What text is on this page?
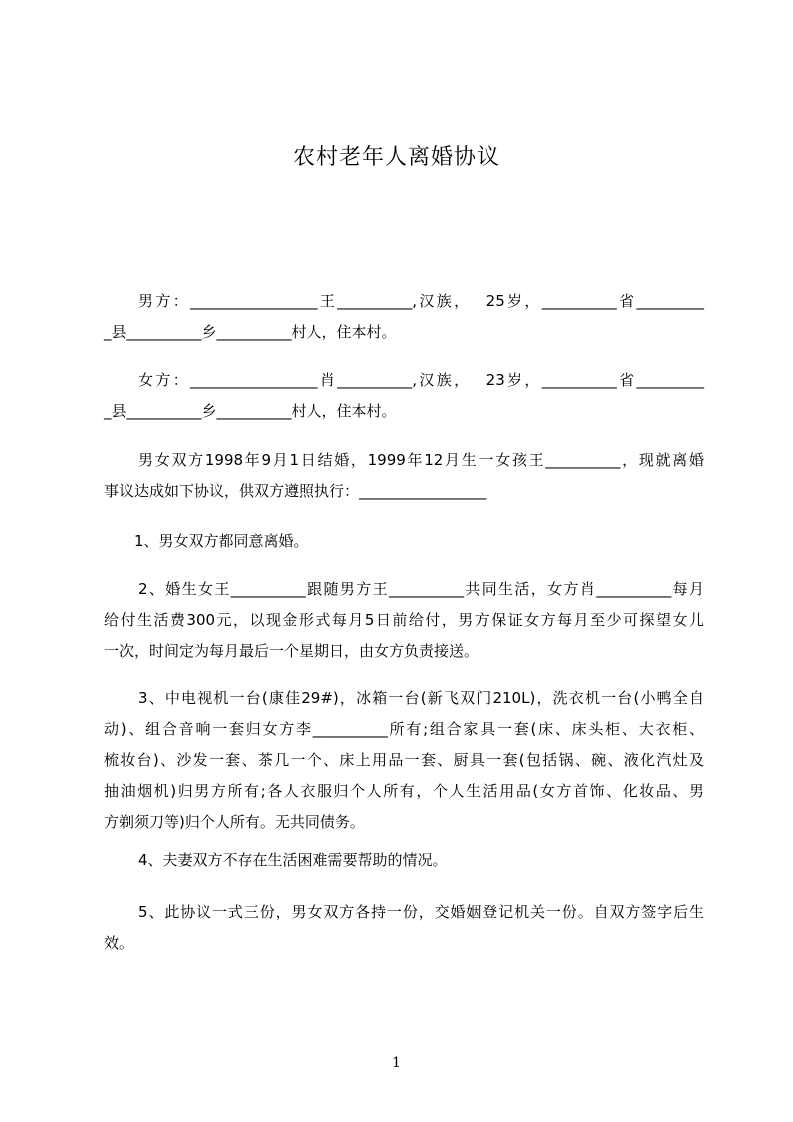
农村老年人离婚协议
男方：_________________王__________,汉族，  25岁，__________省_________
_县__________乡__________村人，住本村。
女方：_________________肖__________,汉族，  23岁，__________省_________
_县__________乡__________村人，住本村。
男女双方1998年9月1日结婚，1999年12月生一女孩王__________，现就离婚
事议达成如下协议，供双方遵照执行：_________________
1、男女双方都同意离婚。
2、婚生女王__________跟随男方王__________共同生活，女方肖__________每月
给付生活费300元，以现金形式每月5日前给付，男方保证女方每月至少可探望女儿
一次，时间定为每月最后一个星期日，由女方负责接送。
3、中电视机一台(康佳29#)，冰箱一台(新飞双门210L)，洗衣机一台(小鸭全自
动)、组合音响一套归女方李__________所有;组合家具一套(床、床头柜、大衣柜、
梳妆台)、沙发一套、茶几一个、床上用品一套、厨具一套(包括锅、碗、液化汽灶及
抽油烟机)归男方所有;各人衣服归个人所有，个人生活用品(女方首饰、化妆品、男
方剃须刀等)归个人所有。无共同债务。
4、夫妻双方不存在生活困难需要帮助的情况。
5、此协议一式三份，男女双方各持一份，交婚姻登记机关一份。自双方签字后生
效。
1
